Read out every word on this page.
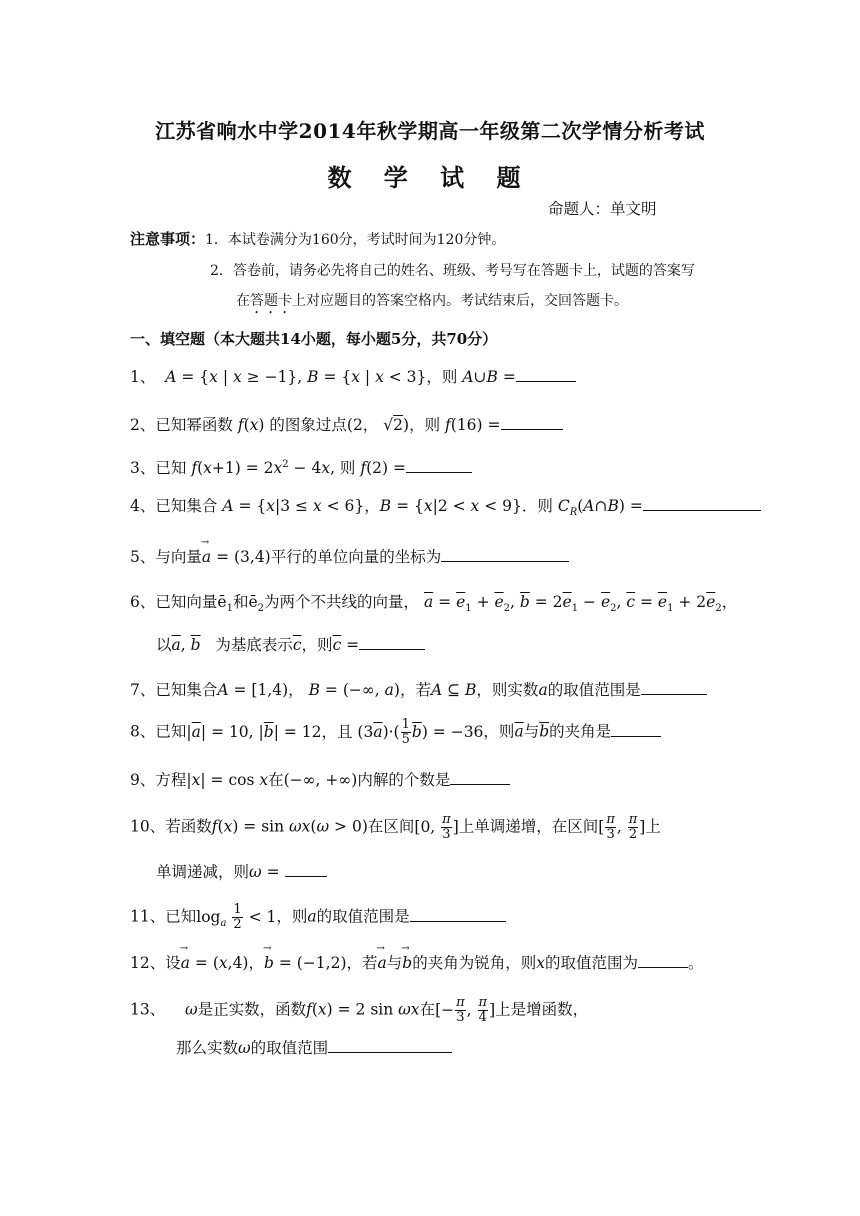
江苏省响水中学2014年秋学期高一年级第二次学情分析考试
数 学 试 题
命题人：单文明
注意事项：1．本试卷满分为160分，考试时间为120分钟。
2．答卷前，请务必先将自己的姓名、班级、考号写在答题卡上，试题的答案写
在答题卡上对应题目的答案空格内。考试结束后，交回答题卡。
一、填空题（本大题共14小题，每小题5分，共70分）
1、 A = {x | x ≥ −1}, B = {x | x < 3}，则 A∪B =
2、已知幂函数 f(x) 的图象过点(2， √2)，则 f(16) =
3、已知 $f(x+1) = 2x^2 - 4x$, 则 f(2) =
4、已知集合 A = {x|3 ≤ x < 6}，B = {x|2 < x < 9}．则 $C_R(A\cap B)$ =
5、与向量→ a = (3,4)平行的单位向量的坐标为
6、已知向量$ē_1$和$ē_2$为两个不共线的向量， $\overline{a} = \overline{e}_1 + \overline{e}_2$, $\overline{b} = 2\overline{e}_1 - \overline{e}_2$, $\overline{c} = \overline{e}_1 + 2\overline{e}_2$，
以$\overline{a}$, $\overline{b}$ 为基底表示$\overline{c}$，则$\overline{c}$ =
7、已知集合A = [1,4)， B = (−∞, a)，若A ⊆ B，则实数a的取值范围是
8、已知$|\overline{a}| = 10$, $|\overline{b}| = 12$，且 $(3\overline{a})\cdot( \frac{1}{5} \overline{b}) = -36$，则$\overline{a}$与$\overline{b}$的夹角是
9、方程|x| = cos x在(−∞, +∞)内解的个数是
10、若函数f(x) = sin ωx(ω > 0)在区间[0, $\frac{\pi}{3}$ ]上单调递增，在区间[ $\frac{\pi}{3}$ , $\frac{\pi}{2}$ ]上
单调递减，则ω =
11、已知$\log_a \frac{1}{2} < 1$，则a的取值范围是
12、设→ a = (x,4)，→ b = (−1,2)，若→ a与→ b的夹角为锐角，则x的取值范围为	。
13、 ω是正实数，函数f(x) = 2 sin ωx在[− $\frac{\pi}{3}$ , $\frac{\pi}{4}$ ]上是增函数，
那么实数ω的取值范围
